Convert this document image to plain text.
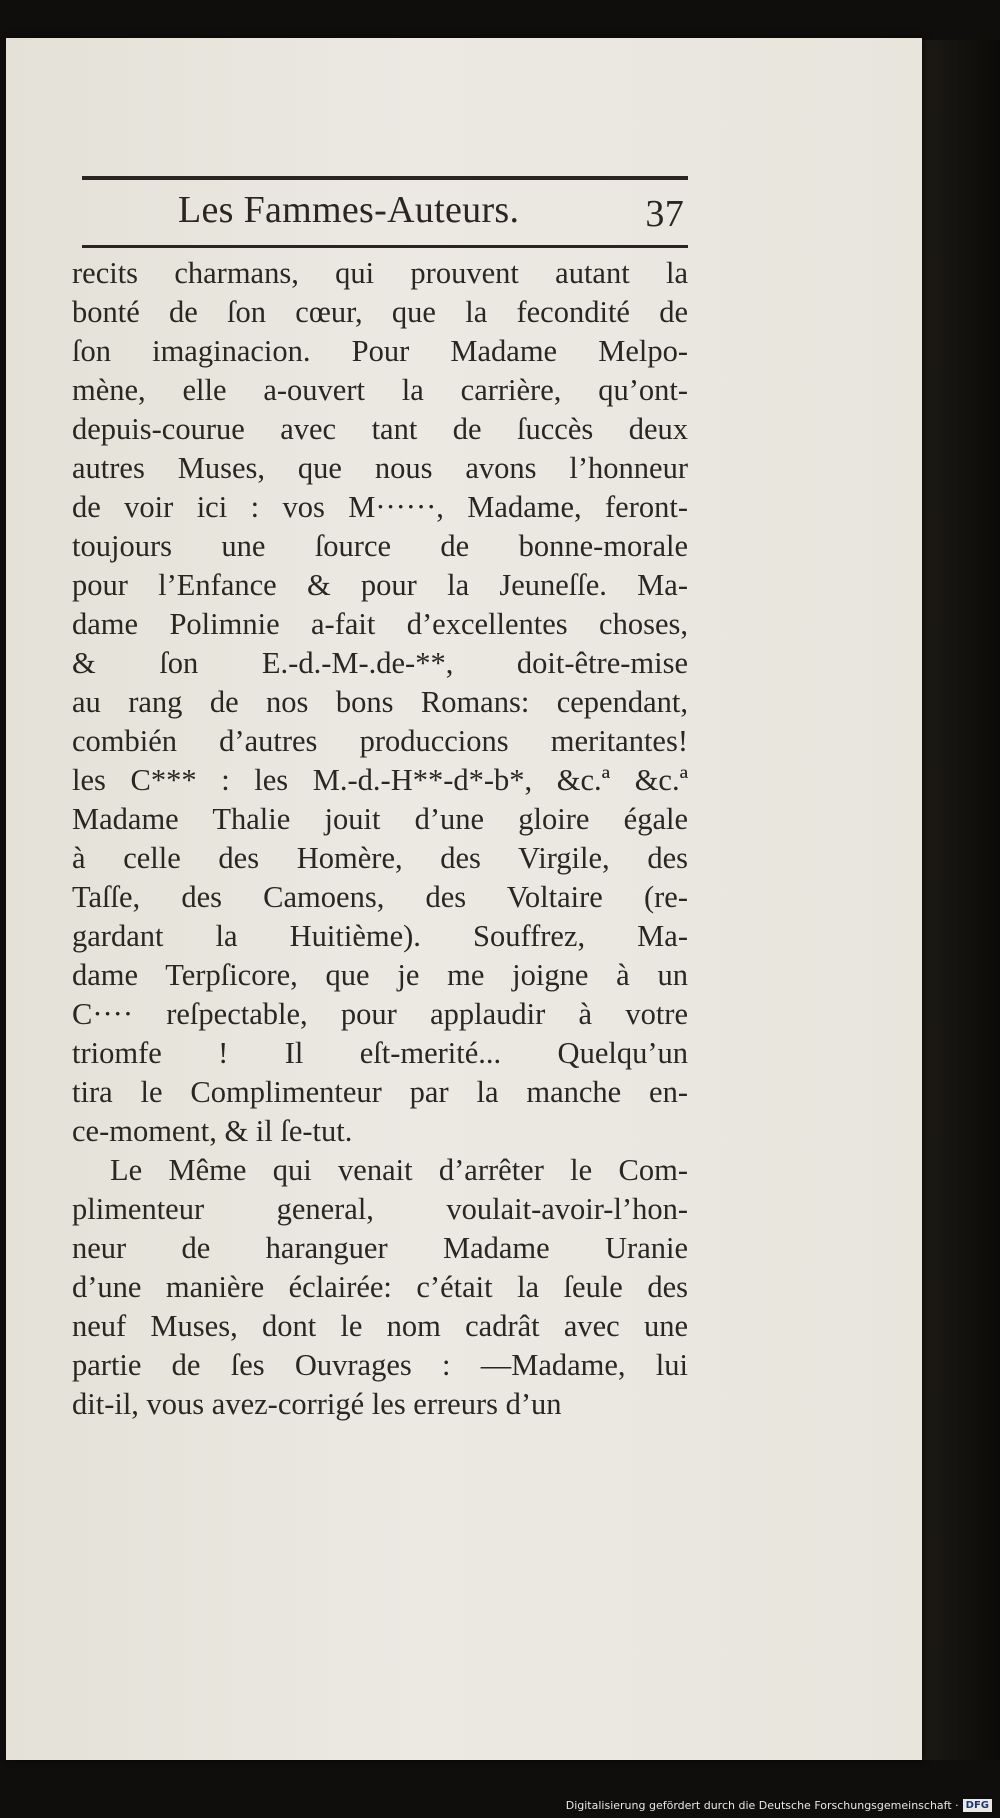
Les Fammes-Auteurs.	37
recits charmans, qui prouvent autant la
bonté de ſon cœur, que la fecondité de
ſon imaginacion. Pour Madame Melpo-
mène, elle a-ouvert la carrière, qu’ont-
depuis-courue avec tant de ſuccès deux
autres Muses, que nous avons l’honneur
de voir ici : vos M······, Madame, feront-
toujours une ſource de bonne-morale
pour l’Enfance & pour la Jeuneſſe. Ma-
dame Polimnie a-fait d’excellentes choses,
& ſon E.-d.-M-.de-**, doit-être-mise
au rang de nos bons Romans: cependant,
combién d’autres produccions meritantes!
les C*** : les M.-d.-H**-d*-b*, &c.ª &c.ª
Madame Thalie jouit d’une gloire égale
à celle des Homère, des Virgile, des
Taſſe, des Camoens, des Voltaire (re-
gardant la Huitième). Souffrez, Ma-
dame Terpſicore, que je me joigne à un
C···· reſpectable, pour applaudir à votre
triomfe ! Il eſt-merité... Quelqu’un
tira le Complimenteur par la manche en-
ce-moment, & il ſe-tut.
Le Même qui venait d’arrêter le Com-
plimenteur general, voulait-avoir-l’hon-
neur de haranguer Madame Uranie
d’une manière éclairée: c’était la ſeule des
neuf Muses, dont le nom cadrât avec une
partie de ſes Ouvrages : —Madame, lui
dit-il, vous avez-corrigé les erreurs d’un
Digitalisierung gefördert durch die Deutsche Forschungsgemeinschaft · DFG
